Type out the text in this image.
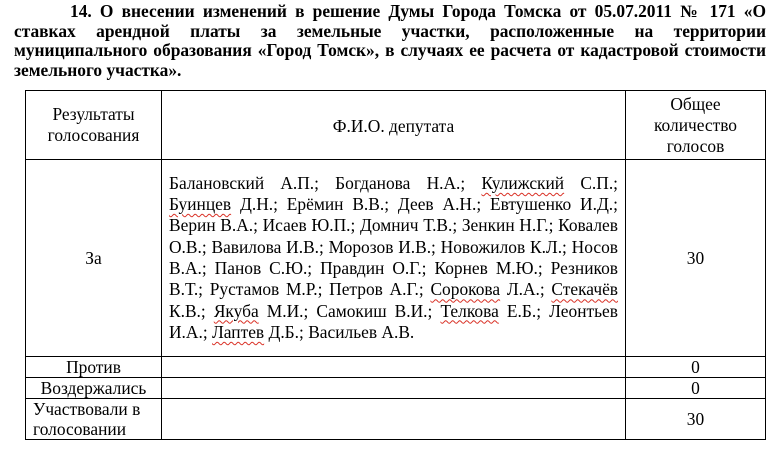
14. О внесении изменений в решение Думы Города Томска от 05.07.2011 № 171 «О ставках арендной платы за земельные участки, расположенные на территории муниципального образования «Город Томск», в случаях ее расчета от кадастровой стоимости земельного участка».
Результаты голосования	Ф.И.О. депутата	Общее количество голосов
За	Балановский А.П.; Богданова Н.А.; Кулижский С.П.; Буинцев Д.Н.; Ерёмин В.В.; Деев А.Н.; Евтушенко И.Д.; Верин В.А.; Исаев Ю.П.; Домнич Т.В.; Зенкин Н.Г.; Ковалев О.В.; Вавилова И.В.; Морозов И.В.; Новожилов К.Л.; Носов В.А.; Панов С.Ю.; Правдин О.Г.; Корнев М.Ю.; Резников В.Т.; Рустамов М.Р.; Петров А.Г.; Сорокова Л.А.; Стекачёв К.В.; Якуба М.И.; Самокиш В.И.; Телкова Е.Б.; Леонтьев И.А.; Лаптев Д.Б.; Васильев А.В.	30
Против		0
Воздержались		0
Участвовали в голосовании		30
